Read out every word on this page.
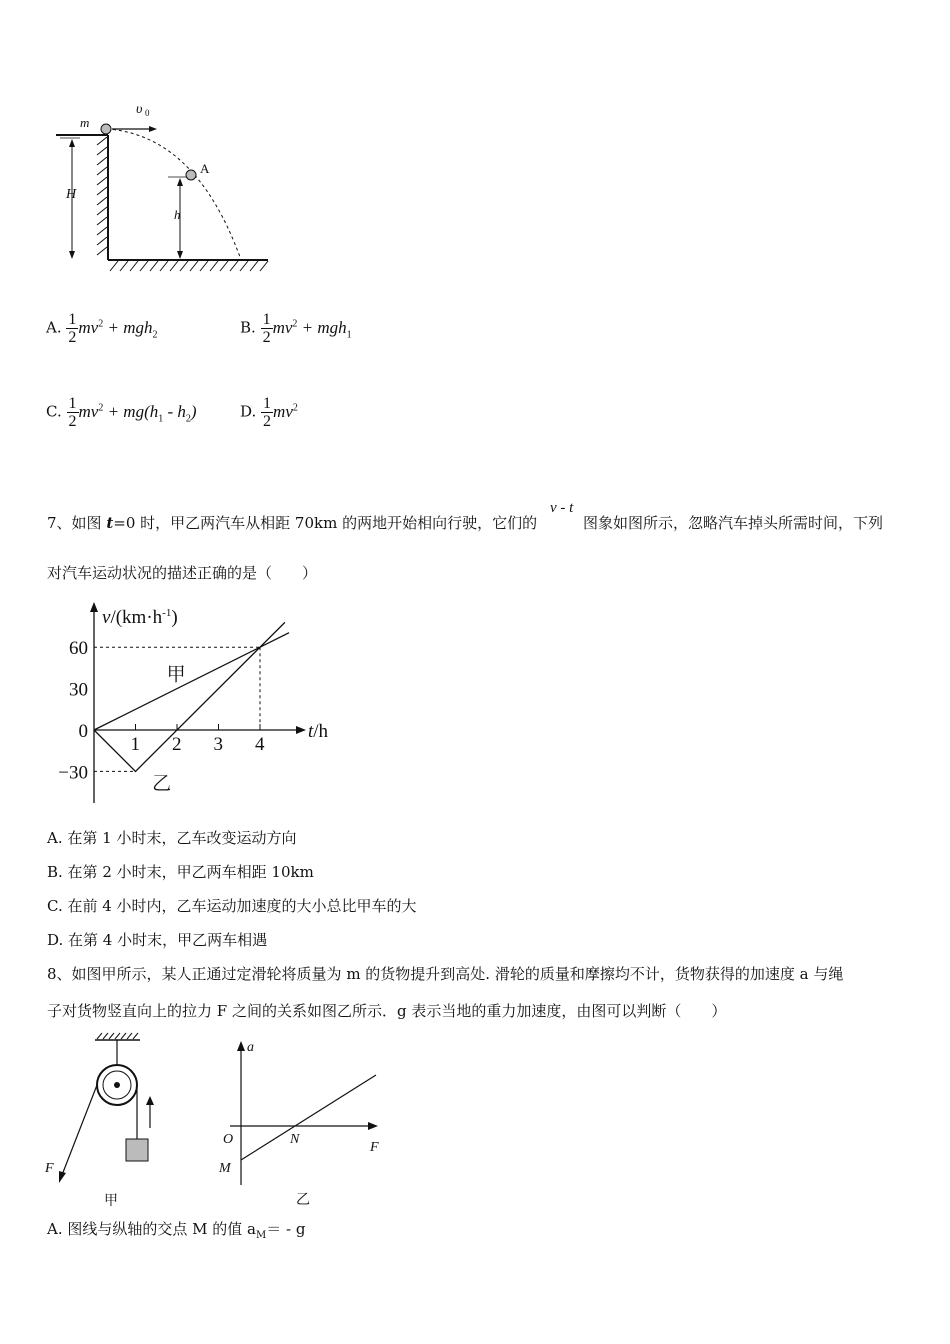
m
υ 0
A
H
h
A. $\frac{1}{2} mv^2 + mgh_2$	B. $\frac{1}{2} mv^2 + mgh_1$
C. $\frac{1}{2} mv^2 + mg(h_1 - h_2)$	D. $\frac{1}{2} mv^2$
7、如图 t=0 时，甲乙两汽车从相距 70km 的两地开始相向行驶，它们的
v - t
图象如图所示，忽略汽车掉头所需时间，下列
对汽车运动状况的描述正确的是（　　）
1 2 3 4
60
30
0
−30
甲
乙
$v/(km\cdot h^{-1})$
t/h
A. 在第 1 小时末，乙车改变运动方向
B. 在第 2 小时末，甲乙两车相距 10km
C. 在前 4 小时内，乙车运动加速度的大小总比甲车的大
D. 在第 4 小时末，甲乙两车相遇
8、如图甲所示，某人正通过定滑轮将质量为 m 的货物提升到高处. 滑轮的质量和摩擦均不计，货物获得的加速度 a 与绳
子对货物竖直向上的拉力 F 之间的关系如图乙所示．g 表示当地的重力加速度，由图可以判断（　　）
F
甲
a
O	N
M
F
乙
A. 图线与纵轴的交点 M 的值 $a_M= - g$
